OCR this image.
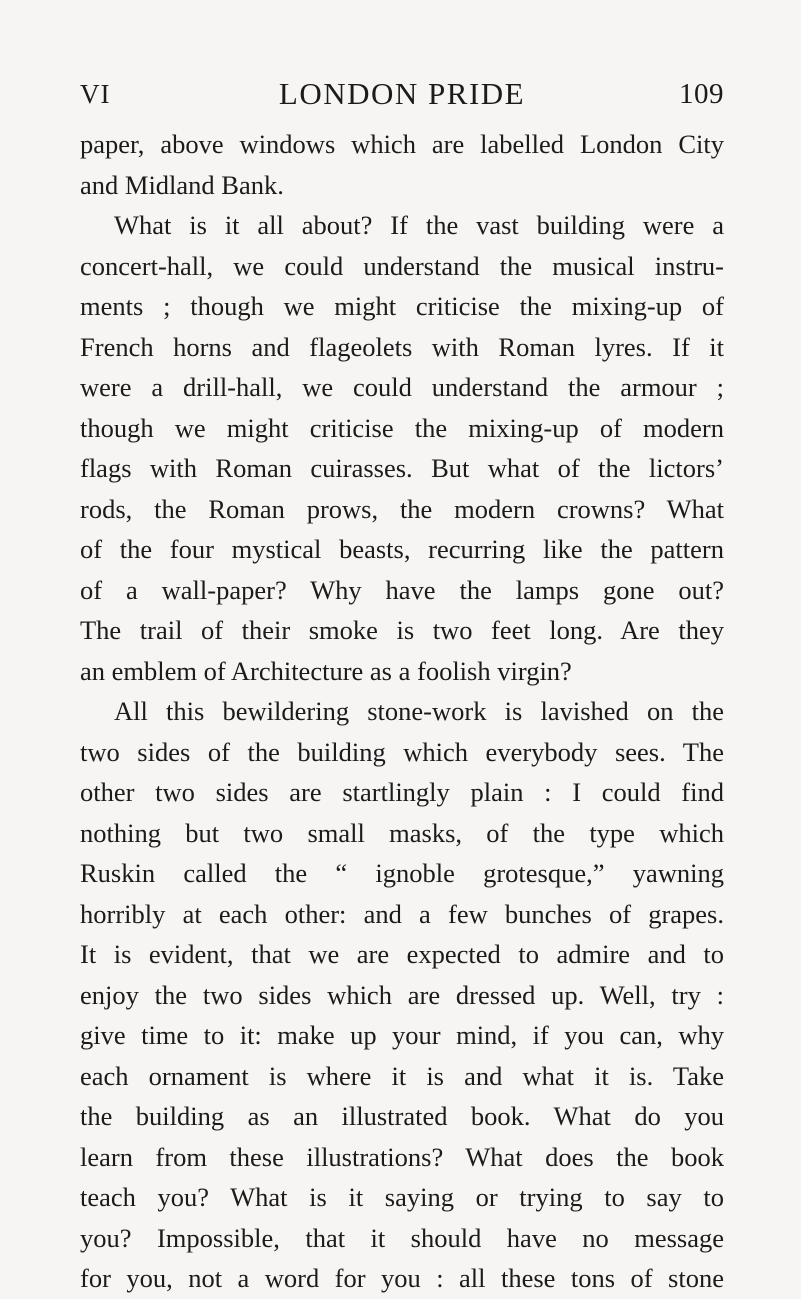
VI	LONDON PRIDE	109
paper, above windows which are labelled London City
and Midland Bank.
What is it all about? If the vast building were a
concert-hall, we could understand the musical instru-
ments ; though we might criticise the mixing-up of
French horns and flageolets with Roman lyres. If it
were a drill-hall, we could understand the armour ;
though we might criticise the mixing-up of modern
flags with Roman cuirasses. But what of the lictors’
rods, the Roman prows, the modern crowns? What
of the four mystical beasts, recurring like the pattern
of a wall-paper? Why have the lamps gone out?
The trail of their smoke is two feet long. Are they
an emblem of Architecture as a foolish virgin?
All this bewildering stone-work is lavished on the
two sides of the building which everybody sees. The
other two sides are startlingly plain : I could find
nothing but two small masks, of the type which
Ruskin called the “ ignoble grotesque,” yawning
horribly at each other: and a few bunches of grapes.
It is evident, that we are expected to admire and to
enjoy the two sides which are dressed up. Well, try :
give time to it: make up your mind, if you can, why
each ornament is where it is and what it is. Take
the building as an illustrated book. What do you
learn from these illustrations? What does the book
teach you? What is it saying or trying to say to
you? Impossible, that it should have no message
for you, not a word for you : all these tons of stone
